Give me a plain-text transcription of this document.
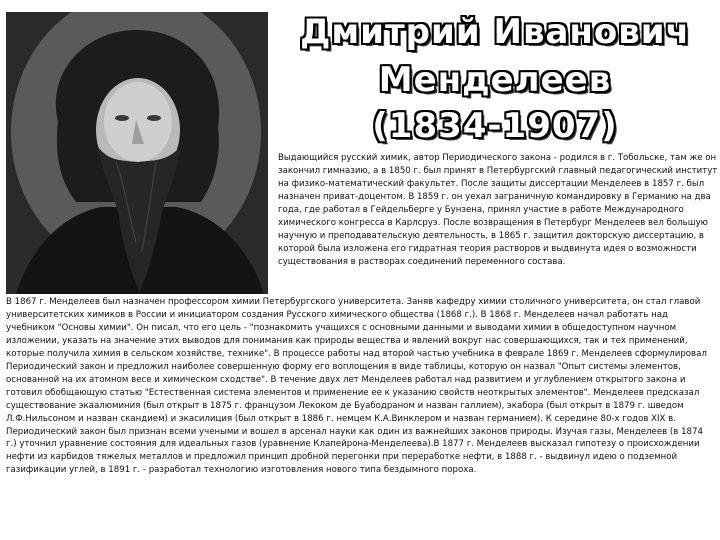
Дмитрий Иванович
Менделеев
(1834-1907)

Выдающийся русский химик, автор Периодического закона - родился в г. Тобольске, там же он закончил гимназию, а в 1850 г. был принят в Петербургский главный педагогический институт на физико-математический факультет. После защиты диссертации Менделеев в 1857 г. был назначен приват-доцентом. В 1859 г. он уехал заграничную командировку в Германию на два года, где работал в Гейдельберге у Бунзена, принял участие в работе Международного химического конгресса в Карлсруэ. После возвращения в Петербург Менделеев вел большую научную и преподавательскую деятельность, в 1865 г. защитил докторскую диссертацию, в которой была изложена его гидратная теория растворов и выдвинута идея о возможности существования в растворах соединений переменного состава.

В 1867 г. Менделеев был назначен профессором химии Петербургского университета. Заняв кафедру химии столичного университета, он стал главой университетских химиков в России и инициатором создания Русского химического общества (1868 г.). В 1868 г. Менделеев начал работать над учебником "Основы химии". Он писал, что его цель - "познакомить учащихся с основными данными и выводами химии в общедоступном научном изложении, указать на значение этих выводов для понимания как природы вещества и явлений вокруг нас совершающихся, так и тех применений, которые получила химия в сельском хозяйстве, технике". В процессе работы над второй частью учебника в феврале 1869 г. Менделеев сформулировал Периодический закон и предложил наиболее совершенную форму его воплощения в виде таблицы, которую он назвал "Опыт системы элементов, основанной на их атомном весе и химическом сходстве". В течение двух лет Менделеев работал над развитием и углублением открытого закона и готовил обобщающую статью "Естественная система элементов и применение ее к указанию свойств неоткрытых элементов". Менделеев предсказал существование экаалюминия (был открыт в 1875 г. французом Лекоком де Буабодраном и назван галлием), экабора (был открыт в 1879 г. шведом Л.Ф.Нильсоном и назван скандием) и экасилиция (был открыт в 1886 г. немцем К.А.Винклером и назван германием). К середине 80-х годов XIX в. Периодический закон был признан всеми учеными и вошел в арсенал науки как один из важнейших законов природы. Изучая газы, Менделеев (в 1874 г.) уточнил уравнение состояния для идеальных газов (уравнение Клапейрона-Менделеева).В 1877 г. Менделеев высказал гипотезу о происхождении нефти из карбидов тяжелых металлов и предложил принцип дробной перегонки при переработке нефти, в 1888 г. - выдвинул идею о подземной газификации углей, в 1891 г. - разработал технологию изготовления нового типа бездымного пороха.
